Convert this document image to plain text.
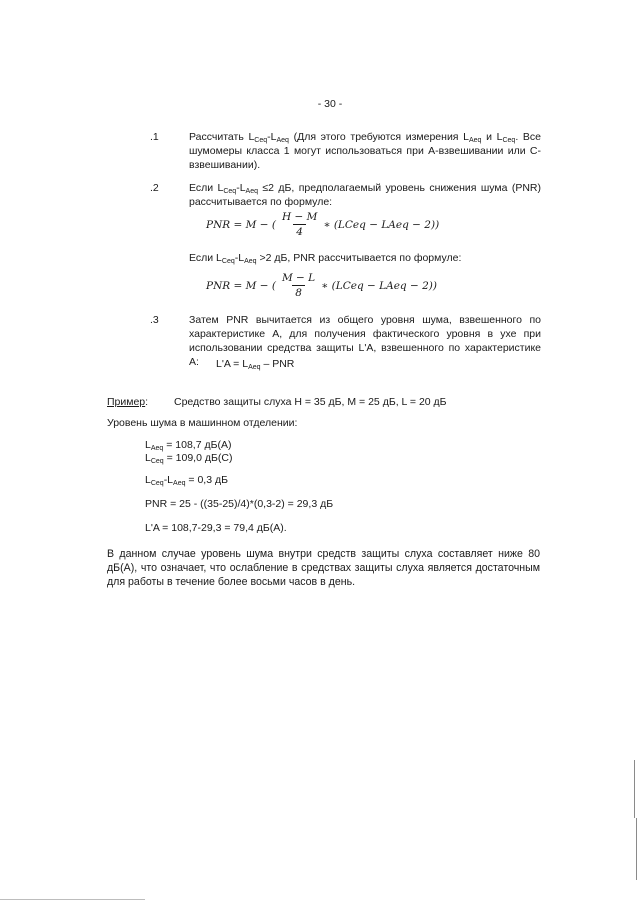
- 30 -
.1	Рассчитать $L_{Ceq}-L_{Aeq}$ (Для этого требуются измерения $L_{Aeq}$ и $L_{Ceq}$. Все шумомеры класса 1 могут использоваться при А-взвешивании или С-взвешивании).
.2	Если $L_{Ceq}-L_{Aeq} \le 2$ дБ, предполагаемый уровень снижения шума (PNR) рассчитывается по формуле:
PNR = M − ( $\frac{H - M}{4}$ ∗ (LCeq − LAeq − 2))
Если $L_{Ceq}-L_{Aeq} >2$ дБ, PNR рассчитывается по формуле:
PNR = M − ( $\frac{M - L}{8}$ ∗ (LCeq − LAeq − 2))
.3	Затем PNR вычитается из общего уровня шума, взвешенного по характеристике А, для получения фактического уровня в ухе при использовании средства защиты L'A, взвешенного по характеристике А:	$L'A = L_{Aeq}$ – PNR
Пример: Средство защиты слуха H = 35 дБ, M = 25 дБ, L = 20 дБ
Уровень шума в машинном отделении:
$L_{Aeq} = 108,7$ дБ(А)
$L_{Ceq} = 109,0$ дБ(С)
$L_{Ceq}-L_{Aeq} = 0,3$ дБ
PNR = 25 - ((35-25)/4)*(0,3-2) = 29,3 дБ
L'A = 108,7-29,3 = 79,4 дБ(А).
В данном случае уровень шума внутри средств защиты слуха составляет ниже 80 дБ(А), что означает, что ослабление в средствах защиты слуха является достаточным для работы в течение более восьми часов в день.
